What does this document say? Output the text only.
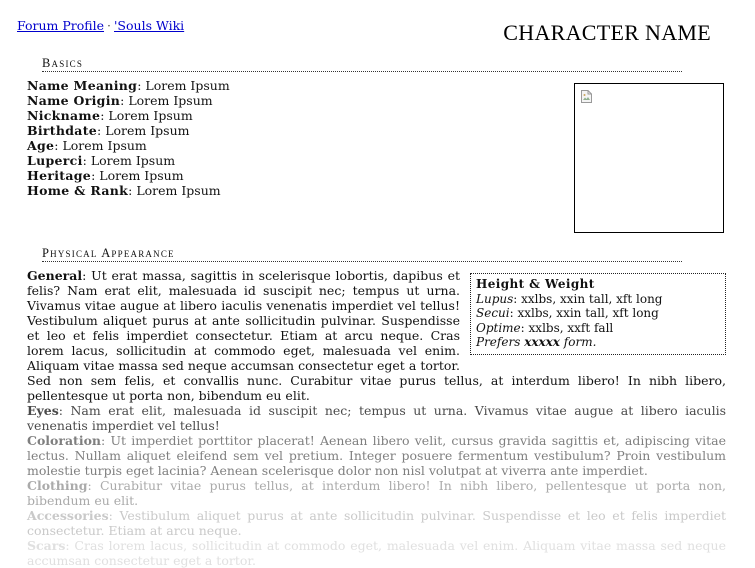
Forum Profile · 'Souls Wiki	CHARACTER NAME
Basics
Name Meaning: Lorem Ipsum
Name Origin: Lorem Ipsum
Nickname: Lorem Ipsum
Birthdate: Lorem Ipsum
Age: Lorem Ipsum
Luperci: Lorem Ipsum
Heritage: Lorem Ipsum
Home & Rank: Lorem Ipsum
Physical Appearance
Height & Weight
Lupus: xxlbs, xxin tall, xft long
Secui: xxlbs, xxin tall, xft long
Optime: xxlbs, xxft fall
Prefers xxxxx form.
General: Ut erat massa, sagittis in scelerisque lobortis, dapibus et felis? Nam erat elit, malesuada id suscipit nec; tempus ut urna. Vivamus vitae augue at libero iaculis venenatis imperdiet vel tellus! Vestibulum aliquet purus at ante sollicitudin pulvinar. Suspendisse et leo et felis imperdiet consectetur. Etiam at arcu neque. Cras lorem lacus, sollicitudin at commodo eget, malesuada vel enim. Aliquam vitae massa sed neque accumsan consectetur eget a tortor. Sed non sem felis, et convallis nunc. Curabitur vitae purus tellus, at interdum libero! In nibh libero, pellentesque ut porta non, bibendum eu elit.
Eyes: Nam erat elit, malesuada id suscipit nec; tempus ut urna. Vivamus vitae augue at libero iaculis venenatis imperdiet vel tellus!
Coloration: Ut imperdiet porttitor placerat! Aenean libero velit, cursus gravida sagittis et, adipiscing vitae lectus. Nullam aliquet eleifend sem vel pretium. Integer posuere fermentum vestibulum? Proin vestibulum molestie turpis eget lacinia? Aenean scelerisque dolor non nisl volutpat at viverra ante imperdiet.
Clothing: Curabitur vitae purus tellus, at interdum libero! In nibh libero, pellentesque ut porta non, bibendum eu elit.
Accessories: Vestibulum aliquet purus at ante sollicitudin pulvinar. Suspendisse et leo et felis imperdiet consectetur. Etiam at arcu neque.
Scars: Cras lorem lacus, sollicitudin at commodo eget, malesuada vel enim. Aliquam vitae massa sed neque accumsan consectetur eget a tortor.
